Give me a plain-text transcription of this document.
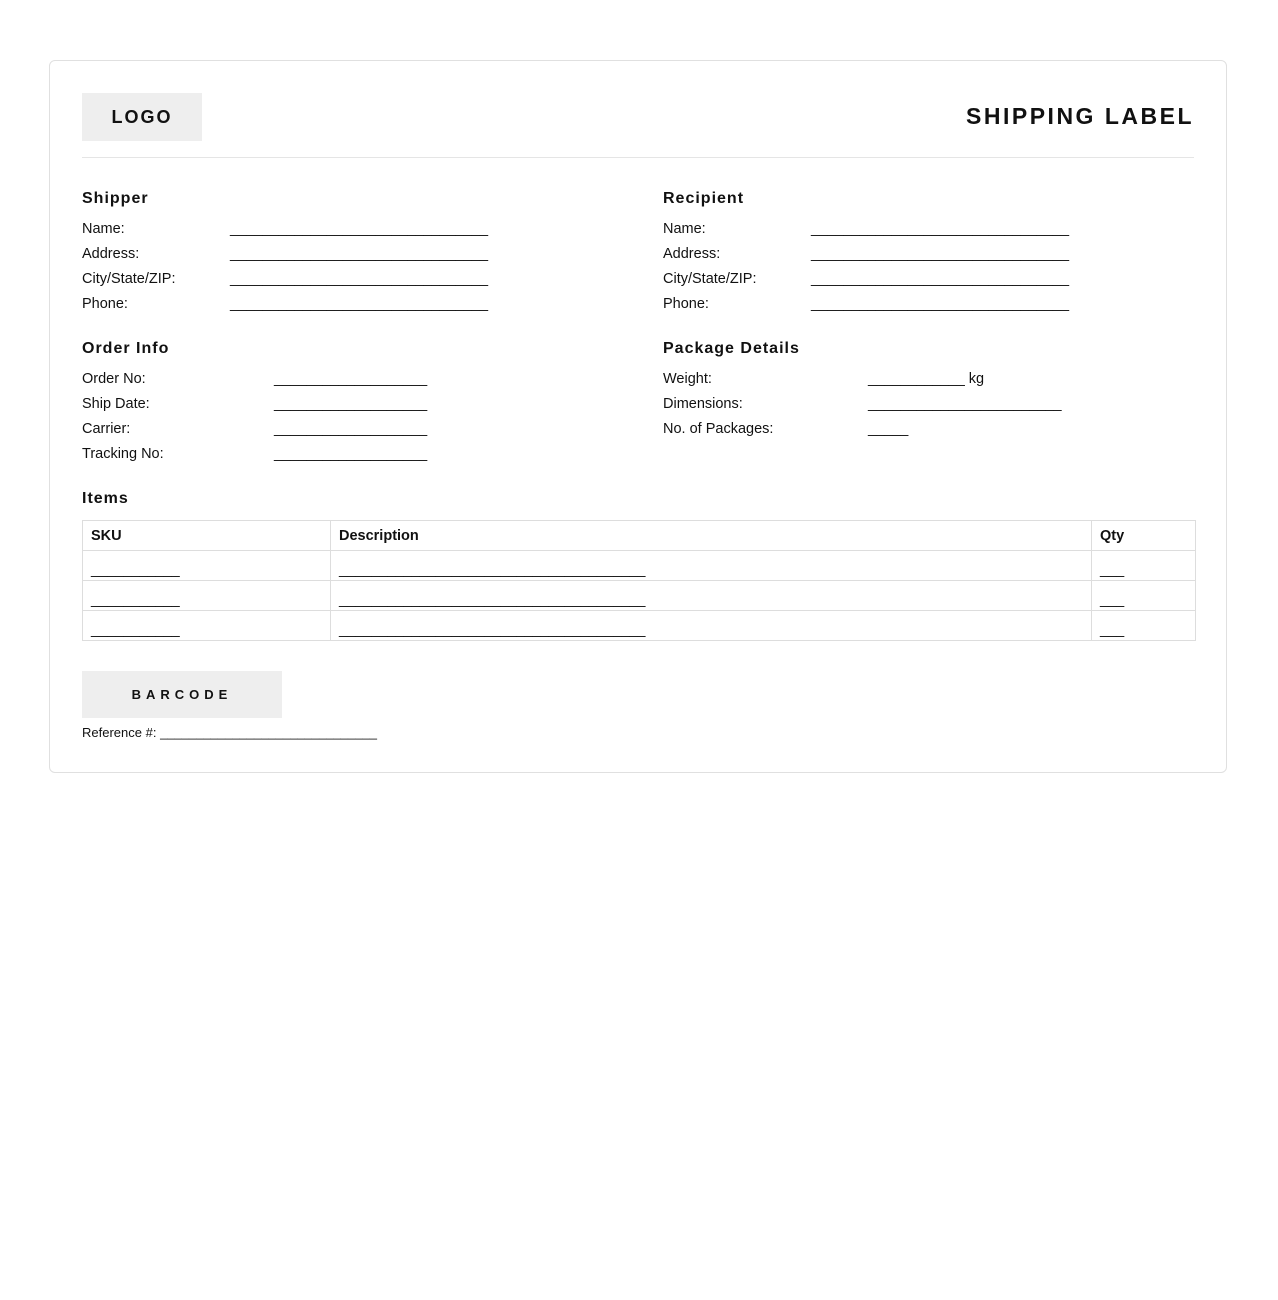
LOGO	SHIPPING LABEL
Shipper
Name:	________________________________
Address:	________________________________
City/State/ZIP:	________________________________
Phone:	________________________________
Recipient
Name:	________________________________
Address:	________________________________
City/State/ZIP:	________________________________
Phone:	________________________________
Order Info
Order No:	___________________
Ship Date:	___________________
Carrier:	___________________
Tracking No:	___________________
Package Details
Weight:	____________ kg
Dimensions:	________________________
No. of Packages:	_____
Items
SKU	Description	Qty
___________	______________________________________	___
___________	______________________________________	___
___________	______________________________________	___
BARCODE
Reference #: ______________________________
